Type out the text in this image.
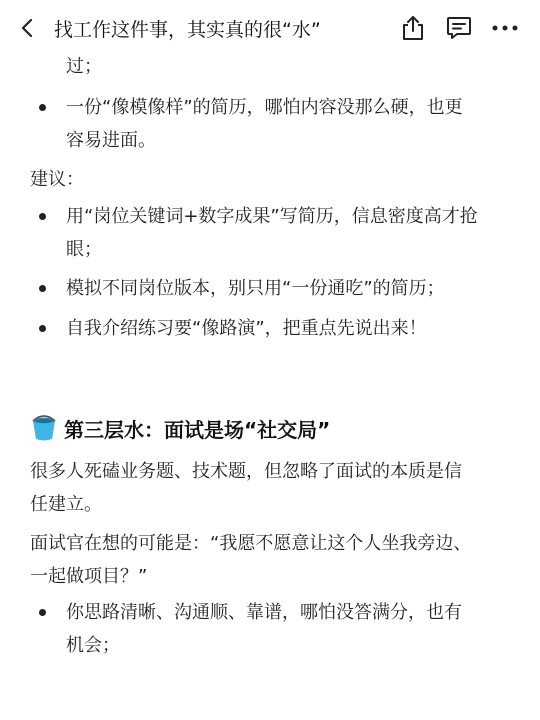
找工作这件事，其实真的很“水”
过；
一份“像模像样”的简历，哪怕内容没那么硬，也更
容易进面。
建议：
用“岗位关键词+数字成果”写简历，信息密度高才抢
眼；
模拟不同岗位版本，别只用“一份通吃”的简历；
自我介绍练习要“像路演”，把重点先说出来！
第三层水：面试是场“社交局”
很多人死磕业务题、技术题，但忽略了面试的本质是信
任建立。
面试官在想的可能是：“我愿不愿意让这个人坐我旁边、
一起做项目？”
你思路清晰、沟通顺、靠谱，哪怕没答满分，也有
机会；
